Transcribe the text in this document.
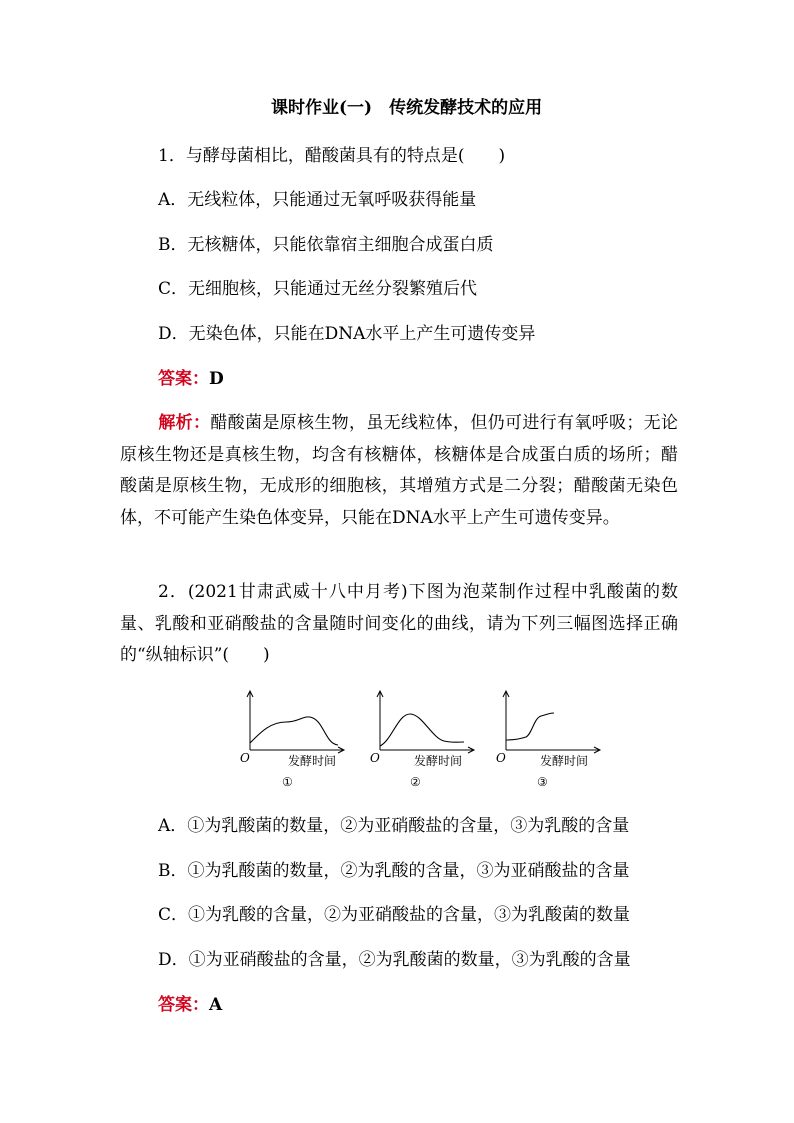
课时作业(一)　传统发酵技术的应用
1．与酵母菌相比，醋酸菌具有的特点是(　　)
A．无线粒体，只能通过无氧呼吸获得能量
B．无核糖体，只能依靠宿主细胞合成蛋白质
C．无细胞核，只能通过无丝分裂繁殖后代
D．无染色体，只能在DNA水平上产生可遗传变异
答案：D
解析：醋酸菌是原核生物，虽无线粒体，但仍可进行有氧呼吸；无论原核生物还是真核生物，均含有核糖体，核糖体是合成蛋白质的场所；醋酸菌是原核生物，无成形的细胞核，其增殖方式是二分裂；醋酸菌无染色体，不可能产生染色体变异，只能在DNA水平上产生可遗传变异。
2．(2021甘肃武威十八中月考)下图为泡菜制作过程中乳酸菌的数量、乳酸和亚硝酸盐的含量随时间变化的曲线，请为下列三幅图选择正确的“纵轴标识”(　　)
O	发酵时间
①
O	发酵时间
②
O	发酵时间
③
A．①为乳酸菌的数量，②为亚硝酸盐的含量，③为乳酸的含量
B．①为乳酸菌的数量，②为乳酸的含量，③为亚硝酸盐的含量
C．①为乳酸的含量，②为亚硝酸盐的含量，③为乳酸菌的数量
D．①为亚硝酸盐的含量，②为乳酸菌的数量，③为乳酸的含量
答案：A
